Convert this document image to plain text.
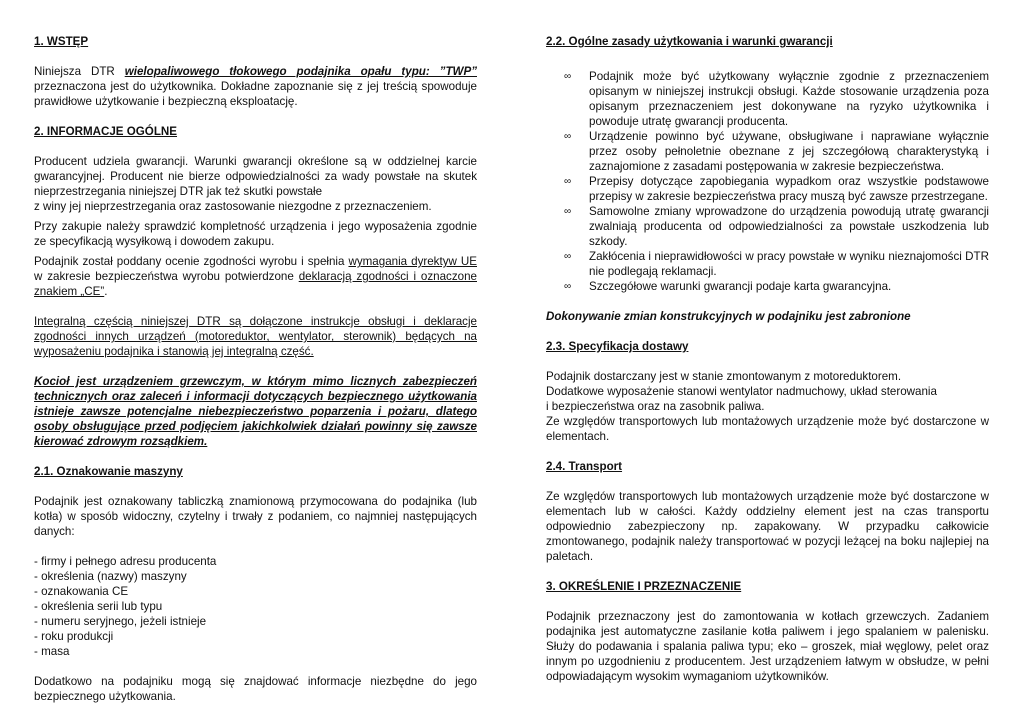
1. WSTĘP

Niniejsza DTR wielopaliwowego tłokowego podajnika opału typu: ”TWP” przeznaczona jest do użytkownika. Dokładne zapoznanie się z jej treścią spowoduje prawidłowe użytkowanie i bezpieczną eksploatację.

2. INFORMACJE OGÓLNE

Producent udziela gwarancji. Warunki gwarancji określone są w oddzielnej karcie gwarancyjnej. Producent nie bierze odpowiedzialności za wady powstałe na skutek nieprzestrzegania niniejszej DTR jak też skutki powstałe
z winy jej nieprzestrzegania oraz zastosowanie niezgodne z przeznaczeniem.

Przy zakupie należy sprawdzić kompletność urządzenia i jego wyposażenia zgodnie ze specyfikacją wysyłkową i dowodem zakupu.

Podajnik został poddany ocenie zgodności wyrobu i spełnia wymagania dyrektyw UE w zakresie bezpieczeństwa wyrobu potwierdzone deklaracją zgodności i oznaczone znakiem „CE”.

Integralną częścią niniejszej DTR są dołączone instrukcje obsługi i deklaracje zgodności innych urządzeń (motoreduktor, wentylator, sterownik) będących na wyposażeniu podajnika i stanowią jej integralną część.

Kocioł jest urządzeniem grzewczym, w którym mimo licznych zabezpieczeń technicznych oraz zaleceń i informacji dotyczących bezpiecznego użytkowania istnieje zawsze potencjalne niebezpieczeństwo poparzenia i pożaru, dlatego osoby obsługujące przed podjęciem jakichkolwiek działań powinny się zawsze kierować zdrowym rozsądkiem.

2.1. Oznakowanie maszyny

Podajnik jest oznakowany tabliczką znamionową przymocowana do podajnika (lub kotła) w sposób widoczny, czytelny i trwały z podaniem, co najmniej następujących danych:

- firmy i pełnego adresu producenta
- określenia (nazwy) maszyny
- oznakowania CE
- określenia serii lub typu
- numeru seryjnego, jeżeli istnieje
- roku produkcji
- masa

Dodatkowo na podajniku mogą się znajdować informacje niezbędne do jego bezpiecznego użytkowania.

2.2. Ogólne zasady użytkowania i warunki gwarancji
∞ Podajnik może być użytkowany wyłącznie zgodnie z przeznaczeniem opisanym w niniejszej instrukcji obsługi. Każde stosowanie urządzenia poza opisanym przeznaczeniem jest dokonywane na ryzyko użytkownika i powoduje utratę gwarancji producenta.
∞ Urządzenie powinno być używane, obsługiwane i naprawiane wyłącznie przez osoby pełnoletnie obeznane z jej szczegółową charakterystyką i zaznajomione z zasadami postępowania w zakresie bezpieczeństwa.
∞ Przepisy dotyczące zapobiegania wypadkom oraz wszystkie podstawowe przepisy w zakresie bezpieczeństwa pracy muszą być zawsze przestrzegane.
∞ Samowolne zmiany wprowadzone do urządzenia powodują utratę gwarancji zwalniają producenta od odpowiedzialności za powstałe uszkodzenia lub szkody.
∞ Zakłócenia i nieprawidłowości w pracy powstałe w wyniku nieznajomości DTR nie podlegają reklamacji.
∞ Szczegółowe warunki gwarancji podaje karta gwarancyjna.

Dokonywanie zmian konstrukcyjnych w podajniku jest zabronione

2.3. Specyfikacja dostawy

Podajnik dostarczany jest w stanie zmontowanym z motoreduktorem.

Dodatkowe wyposażenie stanowi wentylator nadmuchowy, układ sterowania
i bezpieczeństwa oraz na zasobnik paliwa.

Ze względów transportowych lub montażowych urządzenie może być dostarczone w elementach.

2.4. Transport

Ze względów transportowych lub montażowych urządzenie może być dostarczone w elementach lub w całości. Każdy oddzielny element jest na czas transportu odpowiednio zabezpieczony np. zapakowany. W przypadku całkowicie zmontowanego, podajnik należy transportować w pozycji leżącej na boku najlepiej na paletach.

3. OKREŚLENIE I PRZEZNACZENIE

Podajnik przeznaczony jest do zamontowania w kotłach grzewczych. Zadaniem podajnika jest automatyczne zasilanie kotła paliwem i jego spalaniem w palenisku. Służy do podawania i spalania paliwa typu; eko – groszek, miał węglowy, pelet oraz innym po uzgodnieniu z producentem. Jest urządzeniem łatwym w obsłudze, w pełni odpowiadającym wysokim wymaganiom użytkowników.
